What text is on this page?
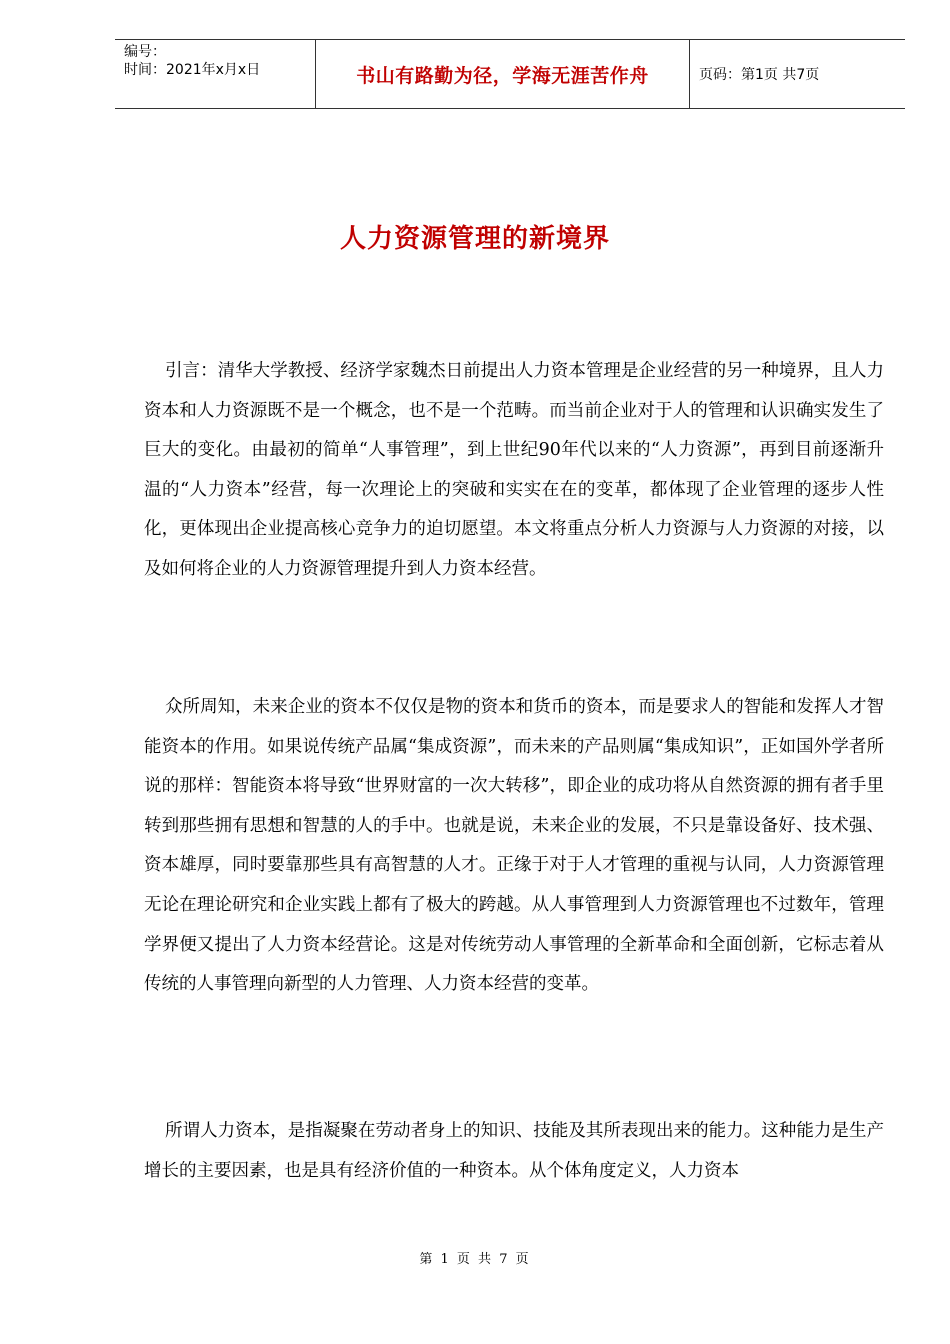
编号：
时间：2021年x月x日	书山有路勤为径，学海无涯苦作舟	页码：第1页 共7页
人力资源管理的新境界

引言：清华大学教授、经济学家魏杰日前提出人力资本管理是企业经营的另一种境界，且人力资本和人力资源既不是一个概念，也不是一个范畴。而当前企业对于人的管理和认识确实发生了巨大的变化。由最初的简单“人事管理”，到上世纪90年代以来的“人力资源”，再到目前逐渐升温的“人力资本”经营，每一次理论上的突破和实实在在的变革，都体现了企业管理的逐步人性化，更体现出企业提高核心竞争力的迫切愿望。本文将重点分析人力资源与人力资源的对接，以及如何将企业的人力资源管理提升到人力资本经营。

众所周知，未来企业的资本不仅仅是物的资本和货币的资本，而是要求人的智能和发挥人才智能资本的作用。如果说传统产品属“集成资源”，而未来的产品则属“集成知识”，正如国外学者所说的那样：智能资本将导致“世界财富的一次大转移”，即企业的成功将从自然资源的拥有者手里转到那些拥有思想和智慧的人的手中。也就是说，未来企业的发展，不只是靠设备好、技术强、资本雄厚，同时要靠那些具有高智慧的人才。正缘于对于人才管理的重视与认同，人力资源管理无论在理论研究和企业实践上都有了极大的跨越。从人事管理到人力资源管理也不过数年，管理学界便又提出了人力资本经营论。这是对传统劳动人事管理的全新革命和全面创新，它标志着从传统的人事管理向新型的人力管理、人力资本经营的变革。

所谓人力资本，是指凝聚在劳动者身上的知识、技能及其所表现出来的能力。这种能力是生产增长的主要因素，也是具有经济价值的一种资本。从个体角度定义，人力资本

第 1 页 共 7 页
